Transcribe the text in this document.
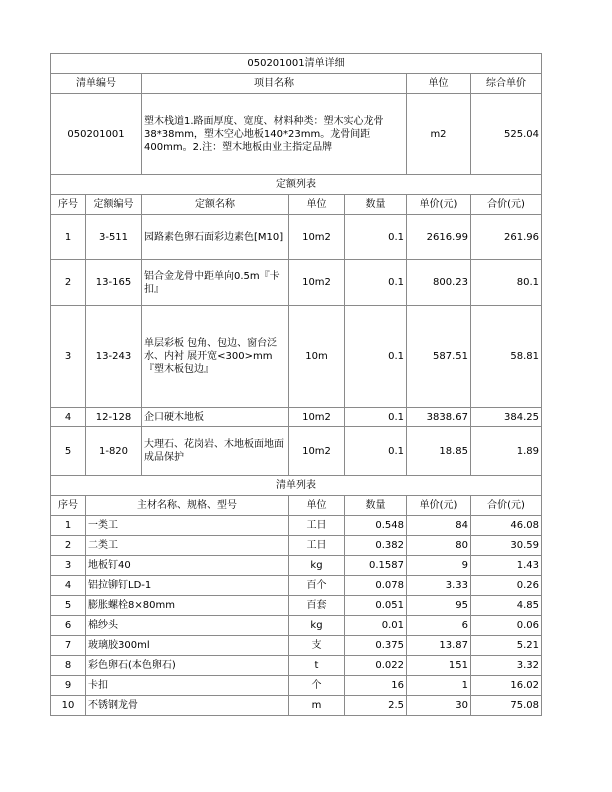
050201001清单详细						
清单编号		项目名称			单位	综合单价
050201001		塑木栈道1.路面厚度、宽度、材料种类：塑木实心龙骨38*38mm，塑木空心地板140*23mm。龙骨间距400mm。2.注：塑木地板由业主指定品牌			m2	525.04
定额列表						
序号	定额编号	定额名称	单位	数量	单价(元)	合价(元)
1	3-511	园路素色卵石面彩边素色[M10]	10m2	0.1	2616.99	261.96
2	13-165	铝合金龙骨中距单向0.5m『卡扣』	10m2	0.1	800.23	80.1
3	13-243	单层彩板 包角、包边、窗台泛水、内衬 展开宽<300>mm『塑木板包边』	10m	0.1	587.51	58.81
4	12-128	企口硬木地板	10m2	0.1	3838.67	384.25
5	1-820	大理石、花岗岩、木地板面地面成品保护	10m2	0.1	18.85	1.89
清单列表						
序号	主材名称、规格、型号		单位	数量	单价(元)	合价(元)
1	一类工		工日	0.548	84	46.08
2	二类工		工日	0.382	80	30.59
3	地板钉40		kg	0.1587	9	1.43
4	铝拉铆钉LD-1		百个	0.078	3.33	0.26
5	膨胀螺栓8×80mm		百套	0.051	95	4.85
6	棉纱头		kg	0.01	6	0.06
7	玻璃胶300ml		支	0.375	13.87	5.21
8	彩色卵石(本色卵石)		t	0.022	151	3.32
9	卡扣		个	16	1	16.02
10	不锈钢龙骨		m	2.5	30	75.08
